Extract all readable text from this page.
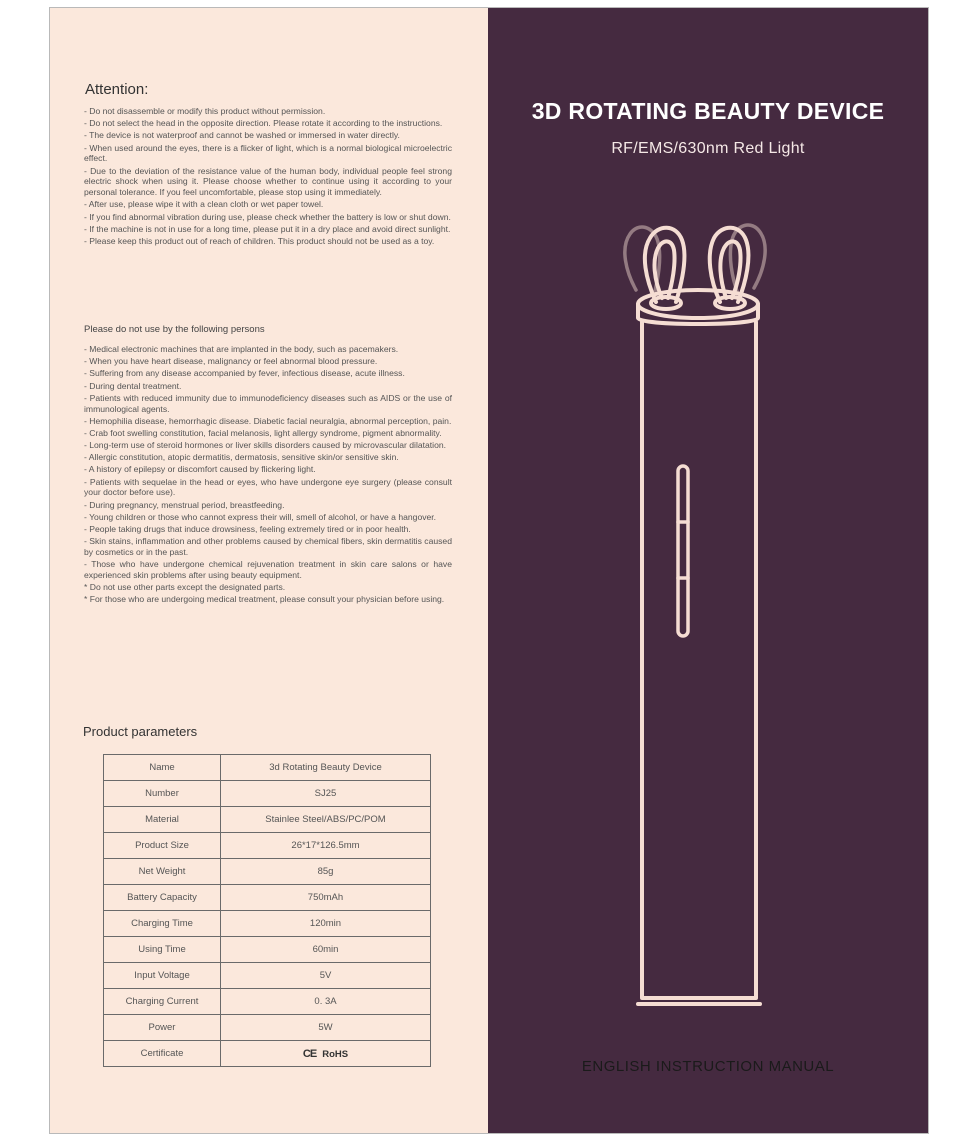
Attention:
- Do not disassemble or modify this product without permission.
- Do not select the head in the opposite direction. Please rotate it according to the instructions.
- The device is not waterproof and cannot be washed or immersed in water directly.
- When used around the eyes, there is a flicker of light, which is a normal biological microelectric effect.
- Due to the deviation of the resistance value of the human body, individual people feel strong electric shock when using it. Please choose whether to continue using it according to your personal tolerance. If you feel uncomfortable, please stop using it immediately.
- After use, please wipe it with a clean cloth or wet paper towel.
- If you find abnormal vibration during use, please check whether the battery is low or shut down.
- If the machine is not in use for a long time, please put it in a dry place and avoid direct sunlight.
- Please keep this product out of reach of children. This product should not be used as a toy.
Please do not use by the following persons
- Medical electronic machines that are implanted in the body, such as pacemakers.
- When you have heart disease, malignancy or feel abnormal blood pressure.
- Suffering from any disease accompanied by fever, infectious disease, acute illness.
- During dental treatment.
- Patients with reduced immunity due to immunodeficiency diseases such as AIDS or the use of immunological agents.
- Hemophilia disease, hemorrhagic disease. Diabetic facial neuralgia, abnormal perception, pain.
- Crab foot swelling constitution, facial melanosis, light allergy syndrome, pigment abnormality.
- Long-term use of steroid hormones or liver skills disorders caused by microvascular dilatation.
- Allergic constitution, atopic dermatitis, dermatosis, sensitive skin/or sensitive skin.
- A history of epilepsy or discomfort caused by flickering light.
- Patients with sequelae in the head or eyes, who have undergone eye surgery (please consult your doctor before use).
- During pregnancy, menstrual period, breastfeeding.
- Young children or those who cannot express their will, smell of alcohol, or have a hangover.
- People taking drugs that induce drowsiness, feeling extremely tired or in poor health.
- Skin stains, inflammation and other problems caused by chemical fibers, skin dermatitis caused by cosmetics or in the past.
- Those who have undergone chemical rejuvenation treatment in skin care salons or have experienced skin problems after using beauty equipment.
* Do not use other parts except the designated parts.
* For those who are undergoing medical treatment, please consult your physician before using.
Product parameters
Name	3d Rotating Beauty Device
Number	SJ25
Material	Stainlee Steel/ABS/PC/POM
Product Size	26*17*126.5mm
Net Weight	85g
Battery Capacity	750mAh
Charging Time	120min
Using Time	60min
Input Voltage	5V
Charging Current	0. 3A
Power	5W
Certificate	CE RoHS
3D ROTATING BEAUTY DEVICE

RF/EMS/630nm Red Light

ENGLISH INSTRUCTION MANUAL
